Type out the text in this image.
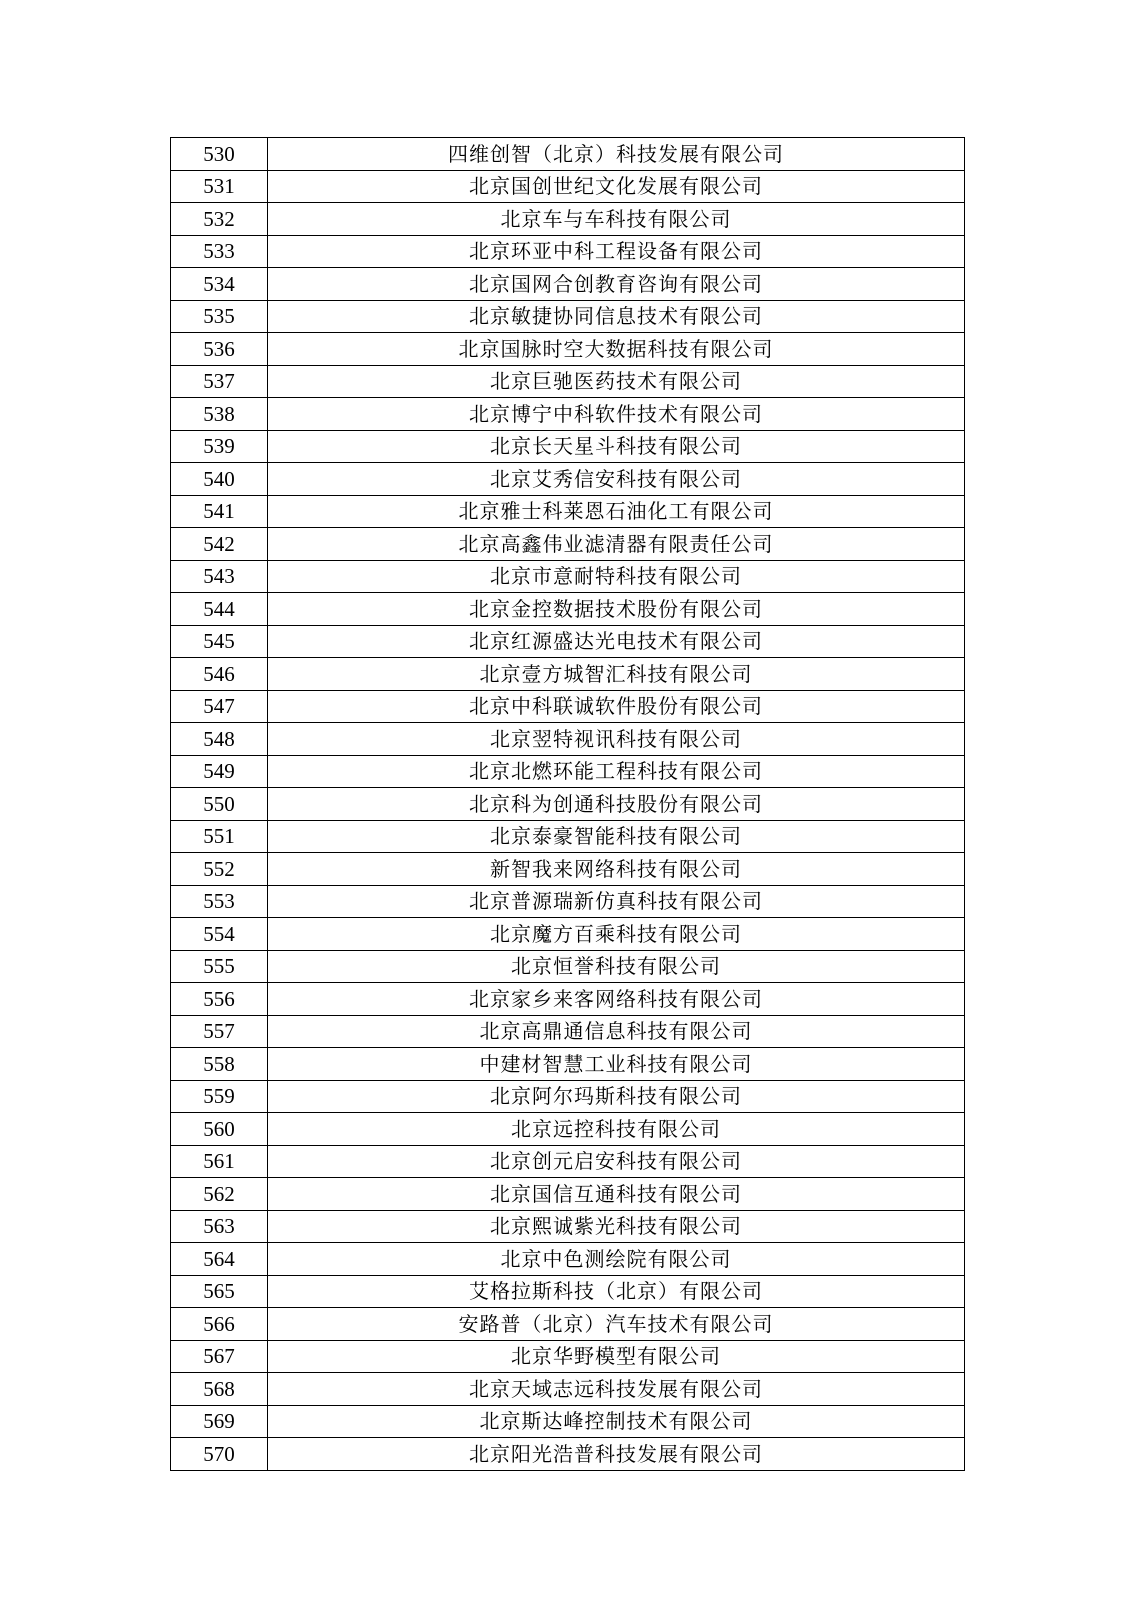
530	四维创智（北京）科技发展有限公司
531	北京国创世纪文化发展有限公司
532	北京车与车科技有限公司
533	北京环亚中科工程设备有限公司
534	北京国网合创教育咨询有限公司
535	北京敏捷协同信息技术有限公司
536	北京国脉时空大数据科技有限公司
537	北京巨驰医药技术有限公司
538	北京博宁中科软件技术有限公司
539	北京长天星斗科技有限公司
540	北京艾秀信安科技有限公司
541	北京雅士科莱恩石油化工有限公司
542	北京高鑫伟业滤清器有限责任公司
543	北京市意耐特科技有限公司
544	北京金控数据技术股份有限公司
545	北京红源盛达光电技术有限公司
546	北京壹方城智汇科技有限公司
547	北京中科联诚软件股份有限公司
548	北京翌特视讯科技有限公司
549	北京北燃环能工程科技有限公司
550	北京科为创通科技股份有限公司
551	北京泰豪智能科技有限公司
552	新智我来网络科技有限公司
553	北京普源瑞新仿真科技有限公司
554	北京魔方百乘科技有限公司
555	北京恒誉科技有限公司
556	北京家乡来客网络科技有限公司
557	北京高鼎通信息科技有限公司
558	中建材智慧工业科技有限公司
559	北京阿尔玛斯科技有限公司
560	北京远控科技有限公司
561	北京创元启安科技有限公司
562	北京国信互通科技有限公司
563	北京熙诚紫光科技有限公司
564	北京中色测绘院有限公司
565	艾格拉斯科技（北京）有限公司
566	安路普（北京）汽车技术有限公司
567	北京华野模型有限公司
568	北京天域志远科技发展有限公司
569	北京斯达峰控制技术有限公司
570	北京阳光浩普科技发展有限公司
